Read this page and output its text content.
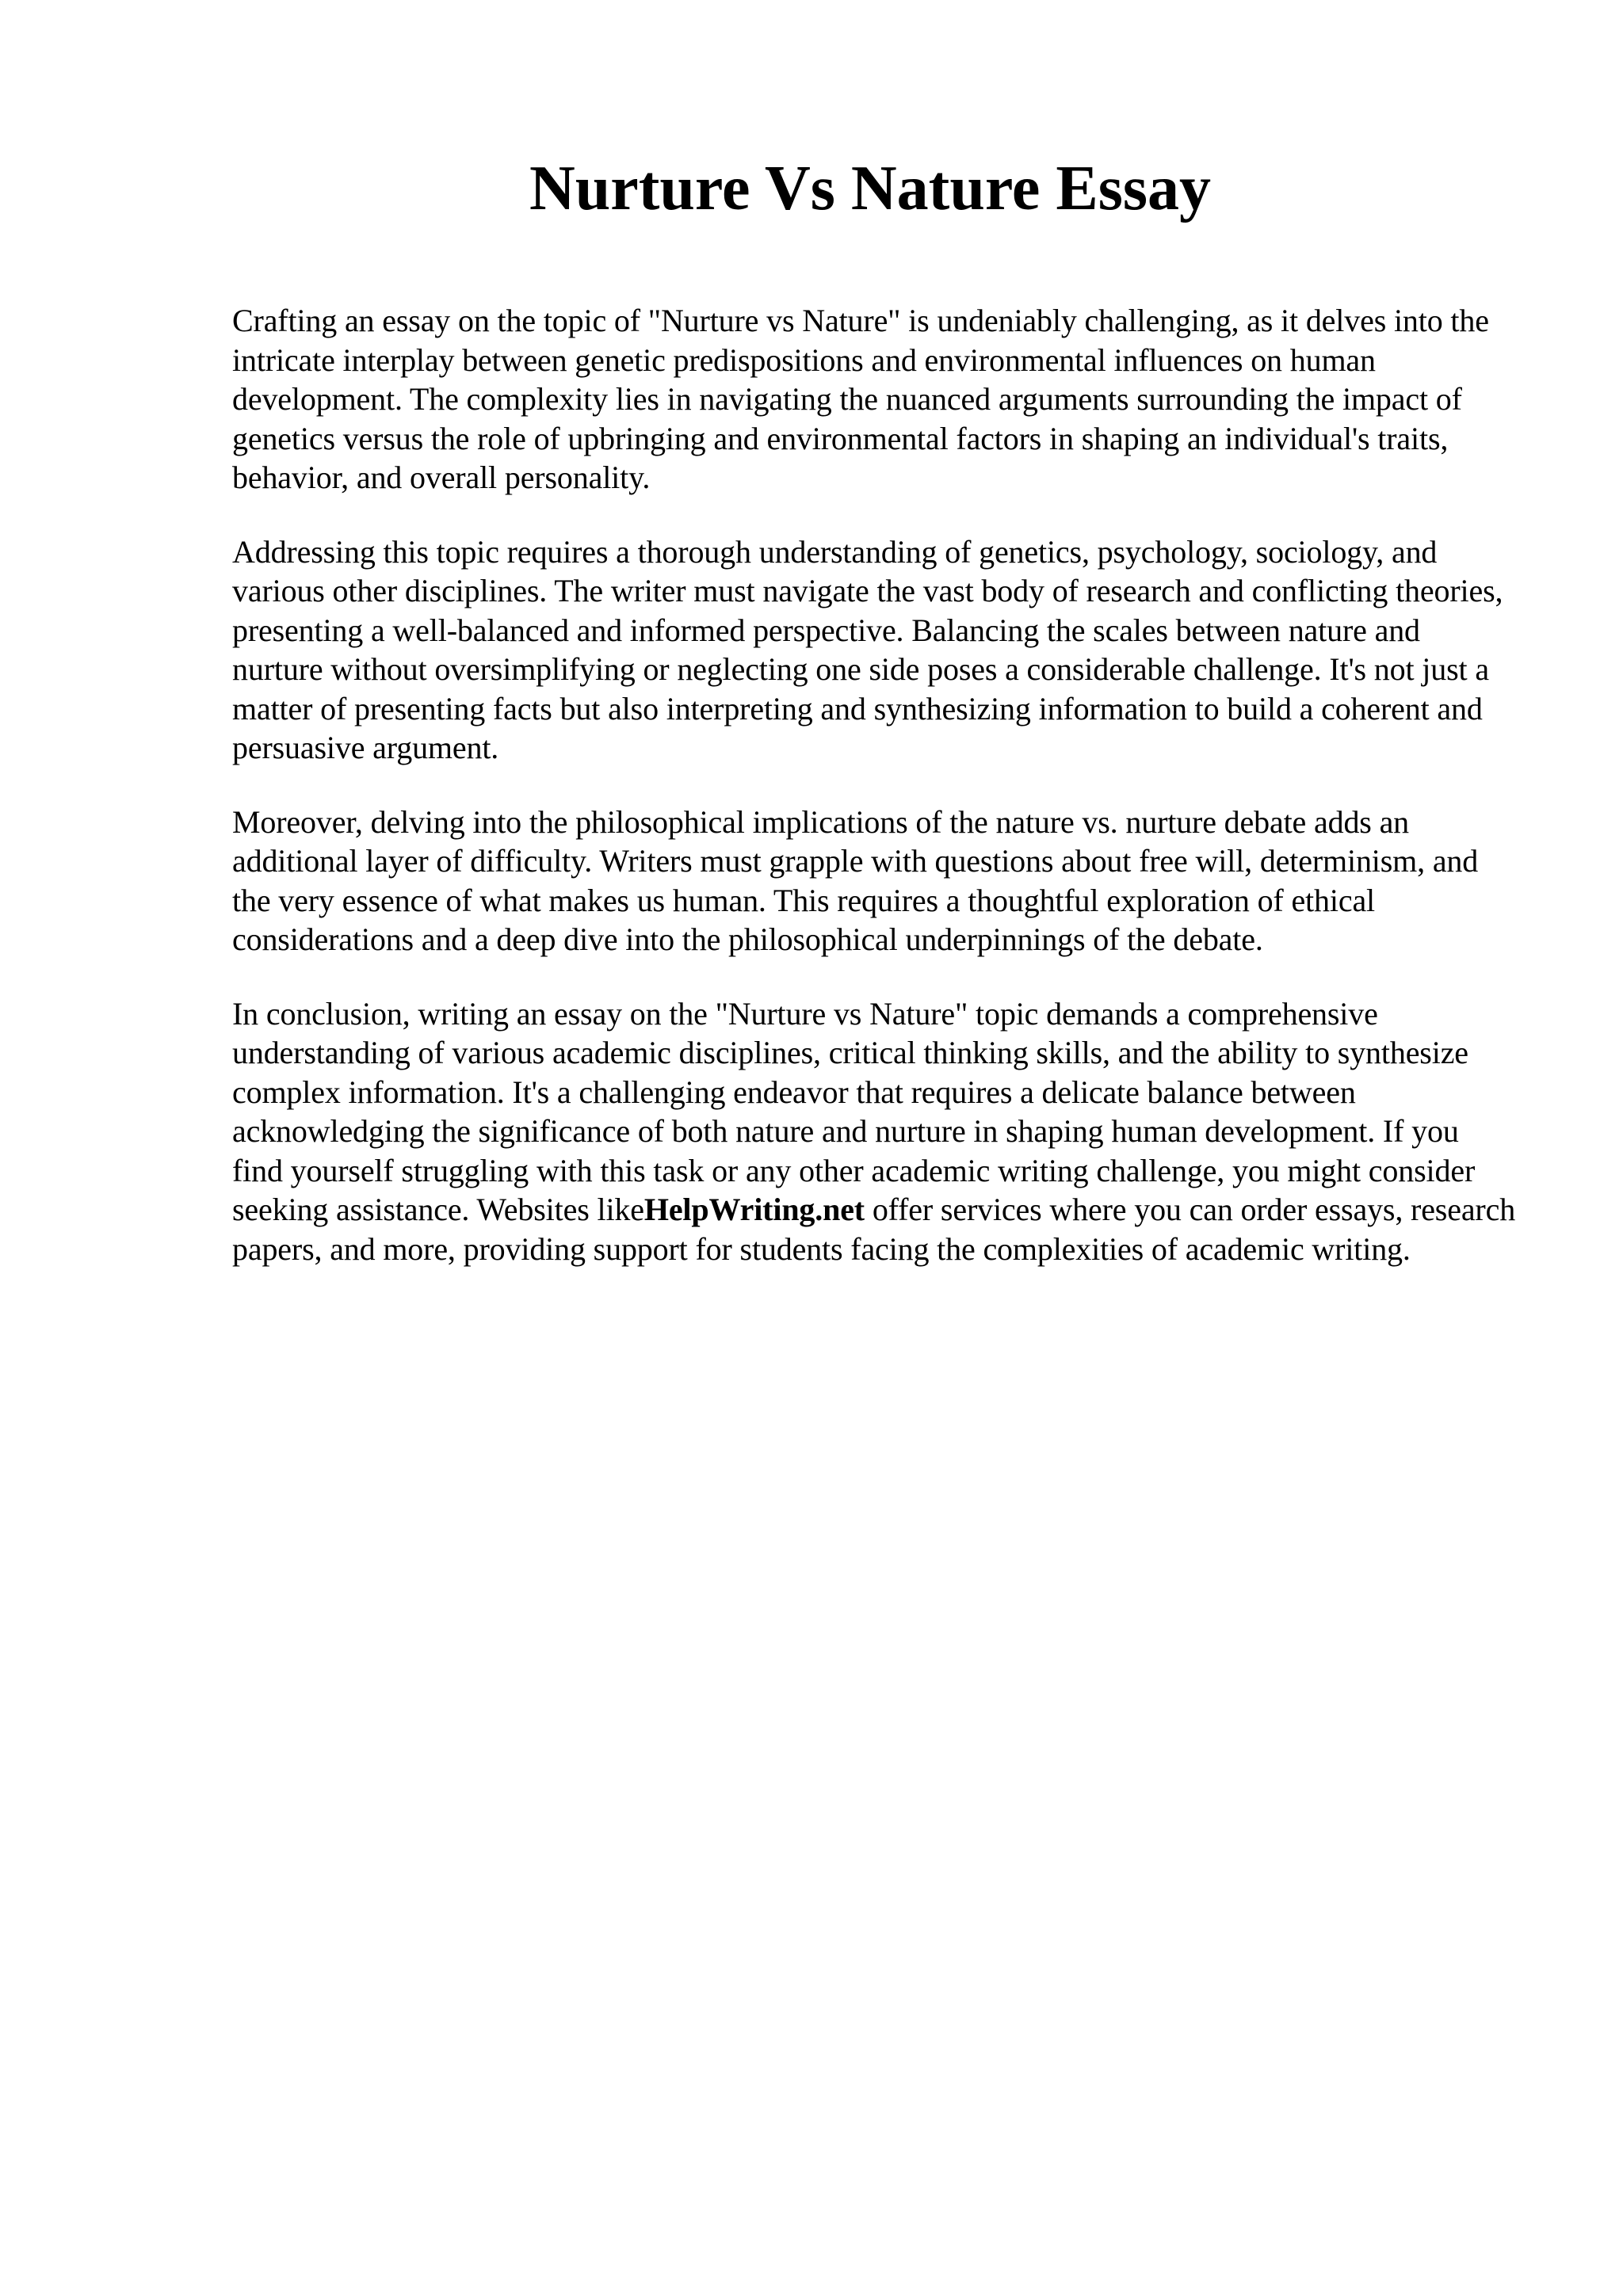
Nurture Vs Nature Essay

Crafting an essay on the topic of "Nurture vs Nature" is undeniably challenging, as it delves into the intricate interplay between genetic predispositions and environmental influences on human development. The complexity lies in navigating the nuanced arguments surrounding the impact of genetics versus the role of upbringing and environmental factors in shaping an individual's traits, behavior, and overall personality.

Addressing this topic requires a thorough understanding of genetics, psychology, sociology, and various other disciplines. The writer must navigate the vast body of research and conflicting theories, presenting a well-balanced and informed perspective. Balancing the scales between nature and nurture without oversimplifying or neglecting one side poses a considerable challenge. It's not just a matter of presenting facts but also interpreting and synthesizing information to build a coherent and persuasive argument.

Moreover, delving into the philosophical implications of the nature vs. nurture debate adds an additional layer of difficulty. Writers must grapple with questions about free will, determinism, and the very essence of what makes us human. This requires a thoughtful exploration of ethical considerations and a deep dive into the philosophical underpinnings of the debate.

In conclusion, writing an essay on the "Nurture vs Nature" topic demands a comprehensive understanding of various academic disciplines, critical thinking skills, and the ability to synthesize complex information. It's a challenging endeavor that requires a delicate balance between acknowledging the significance of both nature and nurture in shaping human development. If you find yourself struggling with this task or any other academic writing challenge, you might consider seeking assistance. Websites likeHelpWriting.net offer services where you can order essays, research papers, and more, providing support for students facing the complexities of academic writing.
